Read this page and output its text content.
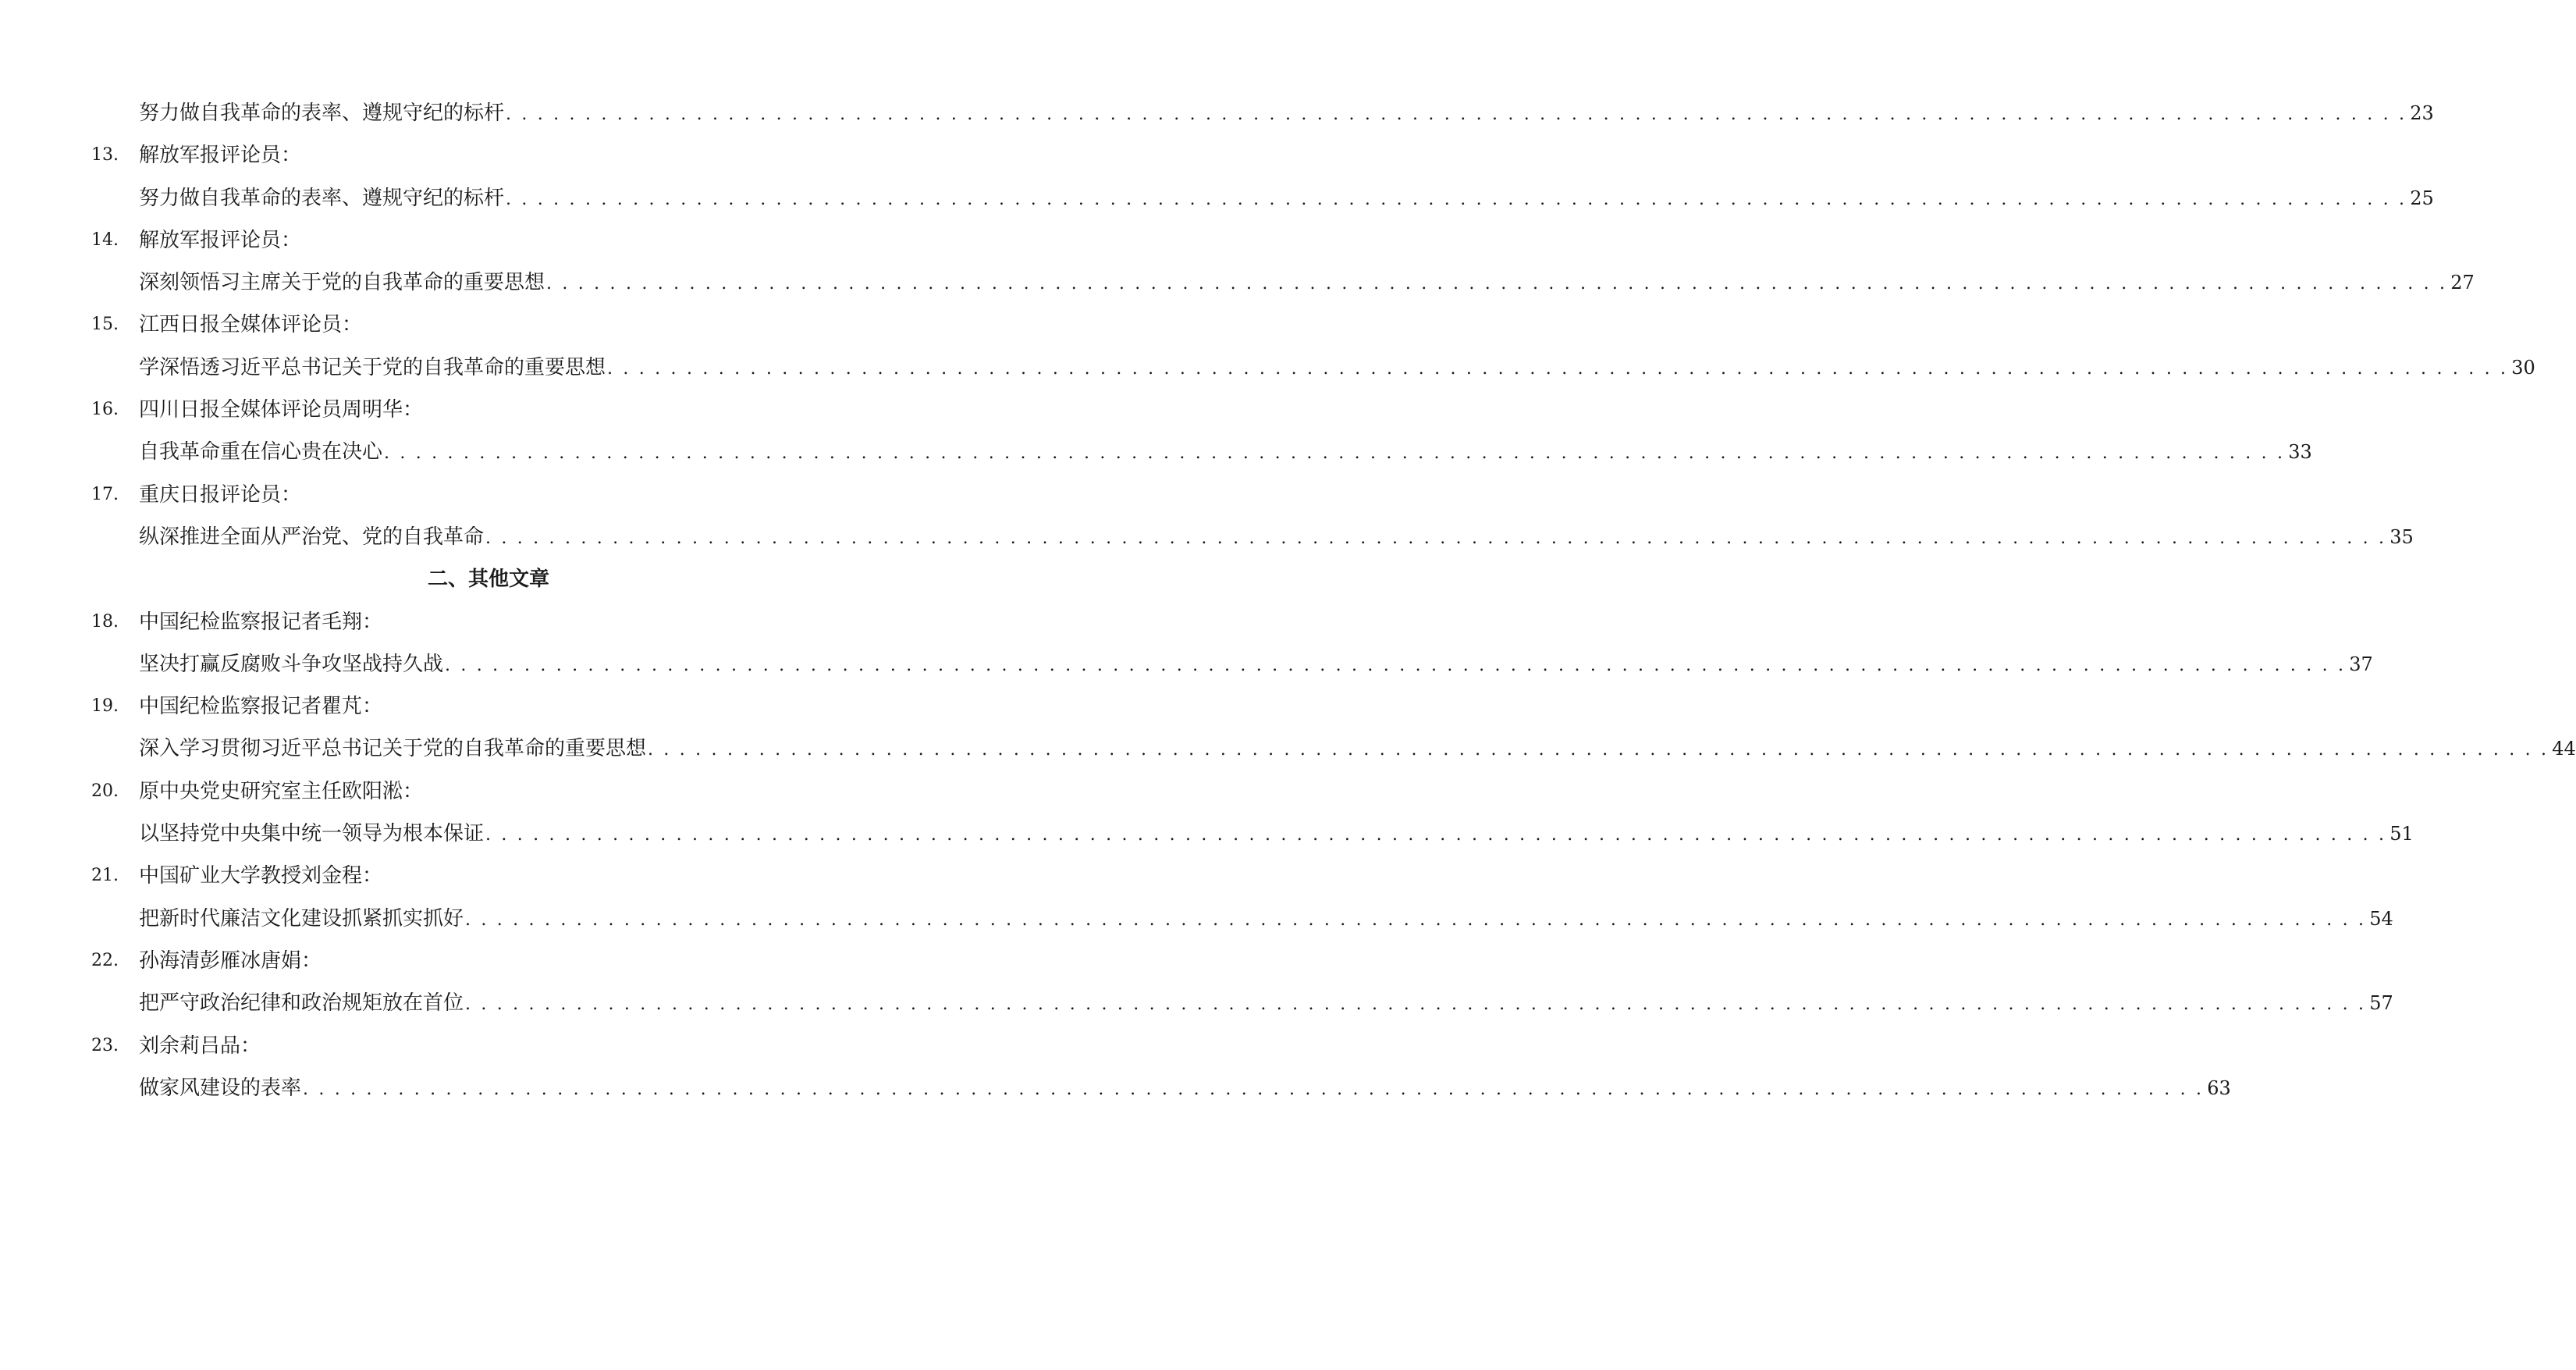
努力做自我革命的表率、遵规守纪的标杆 . . . . . . . . . . . . . . . . . . . . . . . . . . . . . . . . . . . . . . . . . . . . . . . . . . . . . . . . . . . . . . . . . . . . . . . . . . . . . . . . . . . . . . . . . . . . . . . . . . . . . . . . . . . . . . . . . . . . . . . . 23
13. 解放军报评论员：
努力做自我革命的表率、遵规守纪的标杆 . . . . . . . . . . . . . . . . . . . . . . . . . . . . . . . . . . . . . . . . . . . . . . . . . . . . . . . . . . . . . . . . . . . . . . . . . . . . . . . . . . . . . . . . . . . . . . . . . . . . . . . . . . . . . . . . . . . . . . . . 25
14. 解放军报评论员：
深刻领悟习主席关于党的自我革命的重要思想 . . . . . . . . . . . . . . . . . . . . . . . . . . . . . . . . . . . . . . . . . . . . . . . . . . . . . . . . . . . . . . . . . . . . . . . . . . . . . . . . . . . . . . . . . . . . . . . . . . . . . . . . . . . . . . . . . . . . . . . . 27
15. 江西日报全媒体评论员：
学深悟透习近平总书记关于党的自我革命的重要思想 . . . . . . . . . . . . . . . . . . . . . . . . . . . . . . . . . . . . . . . . . . . . . . . . . . . . . . . . . . . . . . . . . . . . . . . . . . . . . . . . . . . . . . . . . . . . . . . . . . . . . . . . . . . . . . . . . . . . . . . . 30
16. 四川日报全媒体评论员周明华：
自我革命重在信心贵在决心 . . . . . . . . . . . . . . . . . . . . . . . . . . . . . . . . . . . . . . . . . . . . . . . . . . . . . . . . . . . . . . . . . . . . . . . . . . . . . . . . . . . . . . . . . . . . . . . . . . . . . . . . . . . . . . . . . . . . . . . . 33
17. 重庆日报评论员：
纵深推进全面从严治党、党的自我革命 . . . . . . . . . . . . . . . . . . . . . . . . . . . . . . . . . . . . . . . . . . . . . . . . . . . . . . . . . . . . . . . . . . . . . . . . . . . . . . . . . . . . . . . . . . . . . . . . . . . . . . . . . . . . . . . . . . . . . . . . 35
二、其他文章
18. 中国纪检监察报记者毛翔：
坚决打赢反腐败斗争攻坚战持久战 . . . . . . . . . . . . . . . . . . . . . . . . . . . . . . . . . . . . . . . . . . . . . . . . . . . . . . . . . . . . . . . . . . . . . . . . . . . . . . . . . . . . . . . . . . . . . . . . . . . . . . . . . . . . . . . . . . . . . . . . 37
19. 中国纪检监察报记者瞿芃：
深入学习贯彻习近平总书记关于党的自我革命的重要思想 . . . . . . . . . . . . . . . . . . . . . . . . . . . . . . . . . . . . . . . . . . . . . . . . . . . . . . . . . . . . . . . . . . . . . . . . . . . . . . . . . . . . . . . . . . . . . . . . . . . . . . . . . . . . . . . . . . . . . . . . 44
20. 原中央党史研究室主任欧阳淞：
以坚持党中央集中统一领导为根本保证 . . . . . . . . . . . . . . . . . . . . . . . . . . . . . . . . . . . . . . . . . . . . . . . . . . . . . . . . . . . . . . . . . . . . . . . . . . . . . . . . . . . . . . . . . . . . . . . . . . . . . . . . . . . . . . . . . . . . . . . . 51
21. 中国矿业大学教授刘金程：
把新时代廉洁文化建设抓紧抓实抓好 . . . . . . . . . . . . . . . . . . . . . . . . . . . . . . . . . . . . . . . . . . . . . . . . . . . . . . . . . . . . . . . . . . . . . . . . . . . . . . . . . . . . . . . . . . . . . . . . . . . . . . . . . . . . . . . . . . . . . . . . 54
22. 孙海清彭雁冰唐娟：
把严守政治纪律和政治规矩放在首位 . . . . . . . . . . . . . . . . . . . . . . . . . . . . . . . . . . . . . . . . . . . . . . . . . . . . . . . . . . . . . . . . . . . . . . . . . . . . . . . . . . . . . . . . . . . . . . . . . . . . . . . . . . . . . . . . . . . . . . . . 57
23. 刘余莉吕品：
做家风建设的表率 . . . . . . . . . . . . . . . . . . . . . . . . . . . . . . . . . . . . . . . . . . . . . . . . . . . . . . . . . . . . . . . . . . . . . . . . . . . . . . . . . . . . . . . . . . . . . . . . . . . . . . . . . . . . . . . . . . . . . . . . 63
